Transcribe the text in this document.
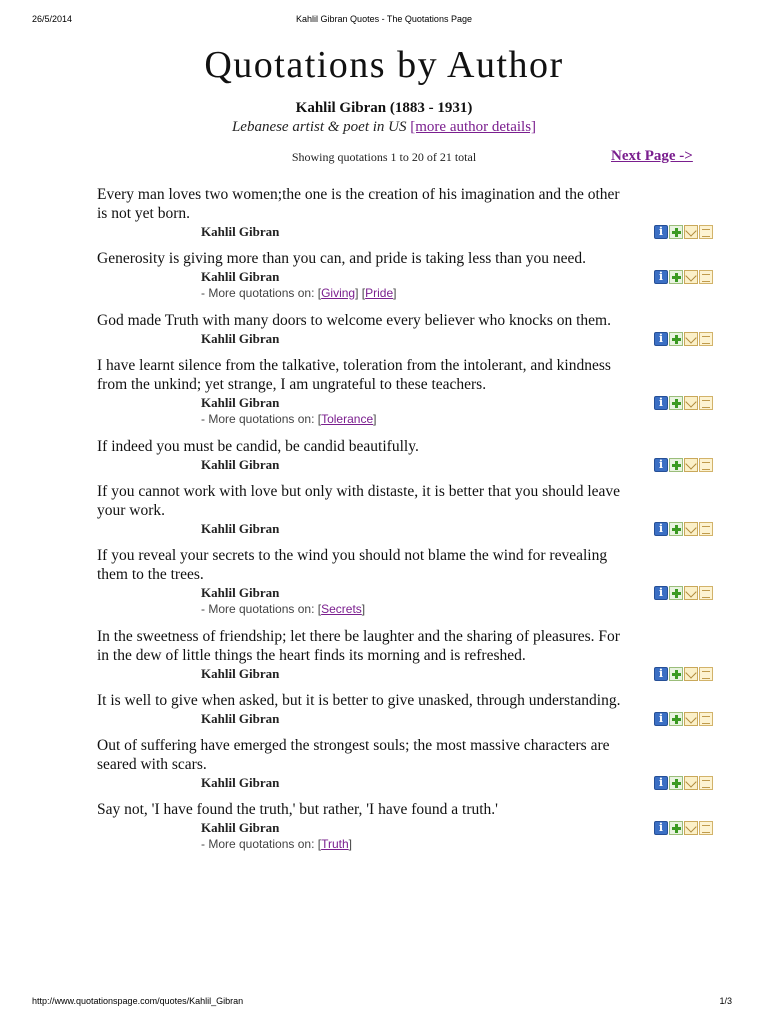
26/5/2014	Kahlil Gibran Quotes - The Quotations Page
Quotations by Author
Kahlil Gibran (1883 - 1931)
Lebanese artist & poet in US [more author details]
Showing quotations 1 to 20 of 21 total	Next Page ->
Every man loves two women;the one is the creation of his imagination and the other is not yet born.
Kahlil Gibran
i
Generosity is giving more than you can, and pride is taking less than you need.
Kahlil Gibran
- More quotations on: [Giving] [Pride]
i
God made Truth with many doors to welcome every believer who knocks on them.
Kahlil Gibran
i
I have learnt silence from the talkative, toleration from the intolerant, and kindness from the unkind; yet strange, I am ungrateful to these teachers.
Kahlil Gibran
- More quotations on: [Tolerance]
i
If indeed you must be candid, be candid beautifully.
Kahlil Gibran
i
If you cannot work with love but only with distaste, it is better that you should leave your work.
Kahlil Gibran
i
If you reveal your secrets to the wind you should not blame the wind for revealing them to the trees.
Kahlil Gibran
- More quotations on: [Secrets]
i
In the sweetness of friendship; let there be laughter and the sharing of pleasures. For in the dew of little things the heart finds its morning and is refreshed.
Kahlil Gibran
i
It is well to give when asked, but it is better to give unasked, through understanding.
Kahlil Gibran
i
Out of suffering have emerged the strongest souls; the most massive characters are seared with scars.
Kahlil Gibran
i
Say not, 'I have found the truth,' but rather, 'I have found a truth.'
Kahlil Gibran
- More quotations on: [Truth]
i
http://www.quotationspage.com/quotes/Kahlil_Gibran	1/3
